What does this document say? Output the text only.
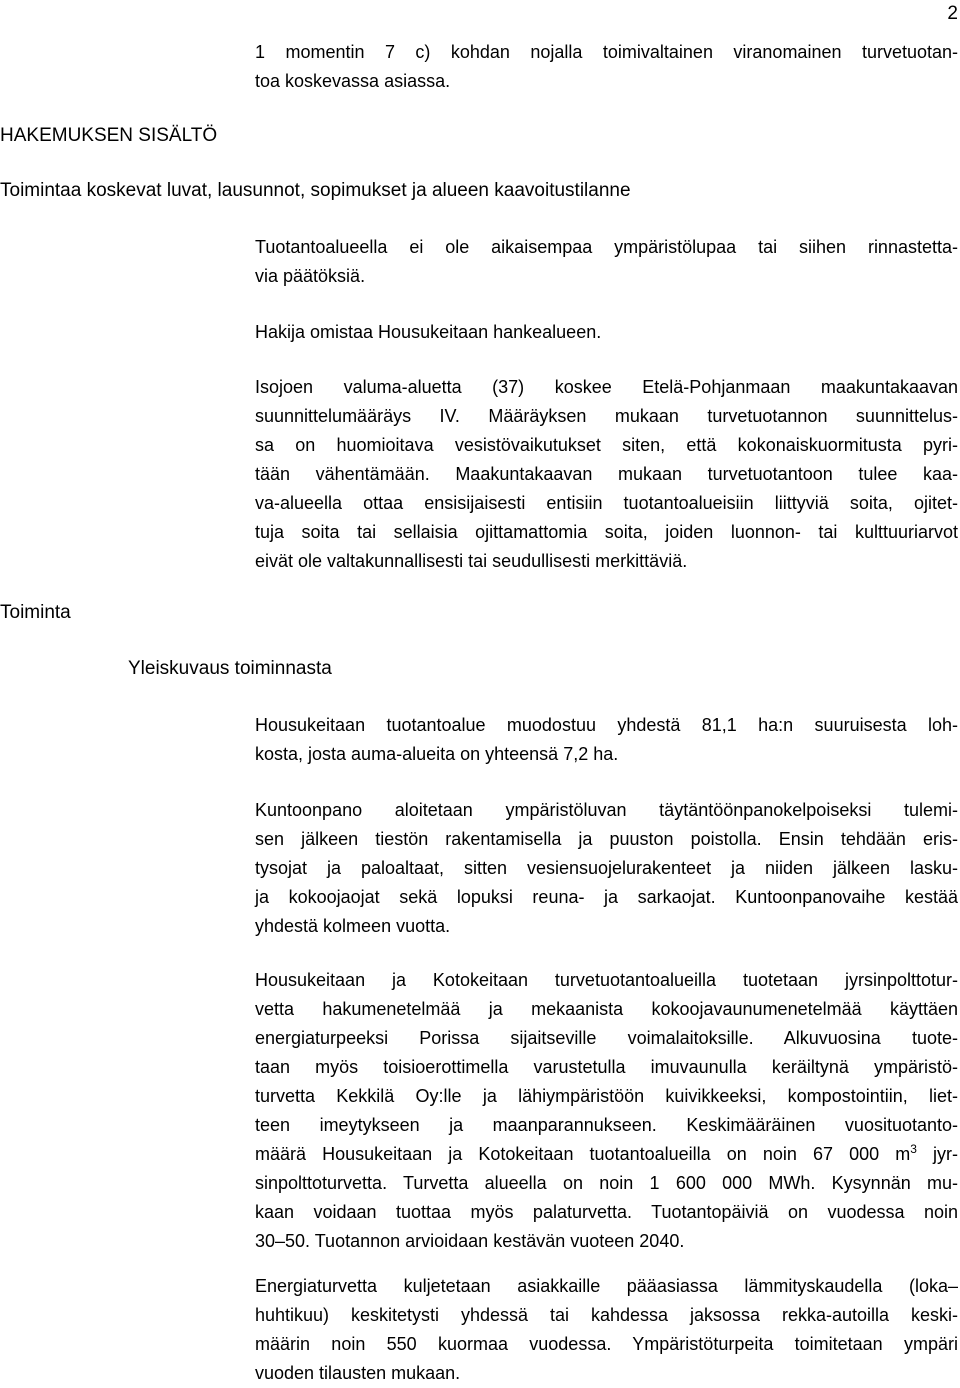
2
1 momentin 7 c) kohdan nojalla toimivaltainen viranomainen turvetuotan-
toa koskevassa asiassa.
HAKEMUKSEN SISÄLTÖ
Toimintaa koskevat luvat, lausunnot, sopimukset ja alueen kaavoitustilanne
Tuotantoalueella ei ole aikaisempaa ympäristölupaa tai siihen rinnastetta-
via päätöksiä.
Hakija omistaa Housukeitaan hankealueen.
Isojoen valuma-aluetta (37) koskee Etelä-Pohjanmaan maakuntakaavan
suunnittelumääräys IV. Määräyksen mukaan turvetuotannon suunnittelus-
sa on huomioitava vesistövaikutukset siten, että kokonaiskuormitusta pyri-
tään vähentämään. Maakuntakaavan mukaan turvetuotantoon tulee kaa-
va-alueella ottaa ensisijaisesti entisiin tuotantoalueisiin liittyviä soita, ojitet-
tuja soita tai sellaisia ojittamattomia soita, joiden luonnon- tai kulttuuriarvot
eivät ole valtakunnallisesti tai seudullisesti merkittäviä.
Toiminta
Yleiskuvaus toiminnasta
Housukeitaan tuotantoalue muodostuu yhdestä 81,1 ha:n suuruisesta loh-
kosta, josta auma-alueita on yhteensä 7,2 ha.
Kuntoonpano aloitetaan ympäristöluvan täytäntöönpanokelpoiseksi tulemi-
sen jälkeen tiestön rakentamisella ja puuston poistolla. Ensin tehdään eris-
tysojat ja paloaltaat, sitten vesiensuojelurakenteet ja niiden jälkeen lasku-
ja kokoojaojat sekä lopuksi reuna- ja sarkaojat. Kuntoonpanovaihe kestää
yhdestä kolmeen vuotta.
Housukeitaan ja Kotokeitaan turvetuotantoalueilla tuotetaan jyrsinpolttotur-
vetta hakumenetelmää ja mekaanista kokoojavaunumenetelmää käyttäen
energiaturpeeksi Porissa sijaitseville voimalaitoksille. Alkuvuosina tuote-
taan myös toisioerottimella varustetulla imuvaunulla keräiltynä ympäristö-
turvetta Kekkilä Oy:lle ja lähiympäristöön kuivikkeeksi, kompostointiin, liet-
teen imeytykseen ja maanparannukseen. Keskimääräinen vuosituotanto-
määrä Housukeitaan ja Kotokeitaan tuotantoalueilla on noin 67 000 $m^3$ jyr-
sinpolttoturvetta. Turvetta alueella on noin 1 600 000 MWh. Kysynnän mu-
kaan voidaan tuottaa myös palaturvetta. Tuotantopäiviä on vuodessa noin
30–50. Tuotannon arvioidaan kestävän vuoteen 2040.
Energiaturvetta kuljetetaan asiakkaille pääasiassa lämmityskaudella (loka–
huhtikuu) keskitetysti yhdessä tai kahdessa jaksossa rekka-autoilla keski-
määrin noin 550 kuormaa vuodessa. Ympäristöturpeita toimitetaan ympäri
vuoden tilausten mukaan.
